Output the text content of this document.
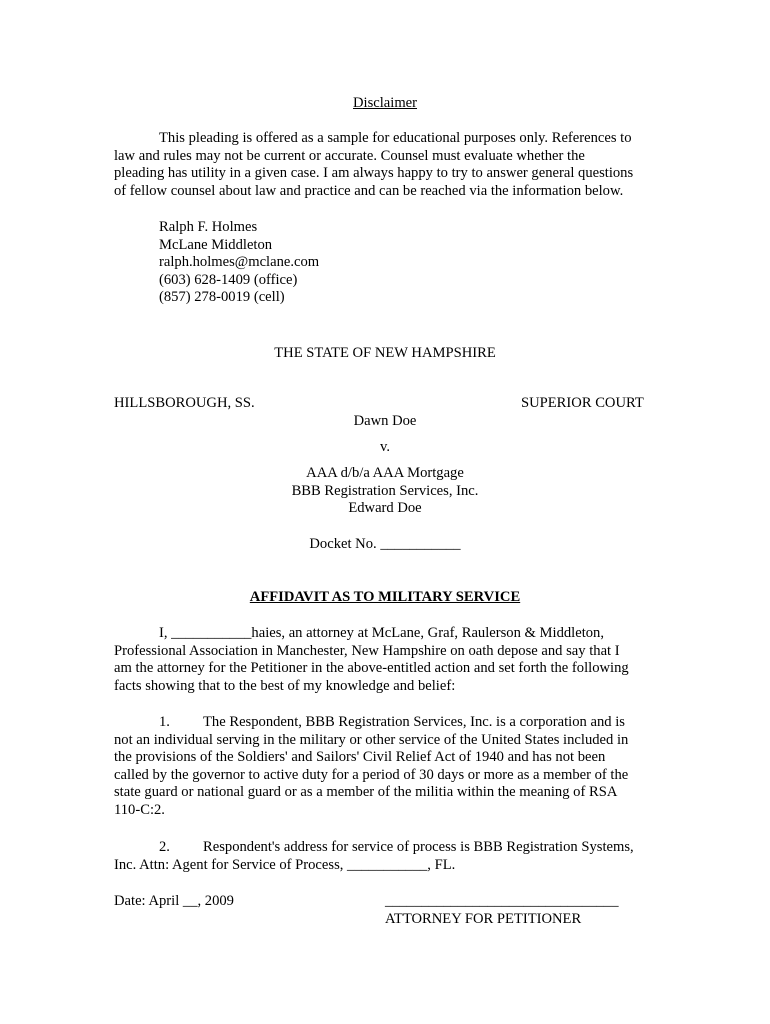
Disclaimer

This pleading is offered as a sample for educational purposes only. References to

law and rules may not be current or accurate. Counsel must evaluate whether the

pleading has utility in a given case. I am always happy to try to answer general questions

of fellow counsel about law and practice and can be reached via the information below.

Ralph F. Holmes
McLane Middleton
ralph.holmes@mclane.com
(603) 628-1409 (office)
(857) 278-0019 (cell)
THE STATE OF NEW HAMPSHIRE
HILLSBOROUGH, SS.	SUPERIOR COURT
Dawn Doe
v.
AAA d/b/a AAA Mortgage
BBB Registration Services, Inc.
Edward Doe
Docket No. ___________
AFFIDAVIT AS TO MILITARY SERVICE

I, ___________haies, an attorney at McLane, Graf, Raulerson & Middleton,

Professional Association in Manchester, New Hampshire on oath depose and say that I

am the attorney for the Petitioner in the above-entitled action and set forth the following

facts showing that to the best of my knowledge and belief:

1. The Respondent, BBB Registration Services, Inc. is a corporation and is

not an individual serving in the military or other service of the United States included in

the provisions of the Soldiers' and Sailors' Civil Relief Act of 1940 and has not been

called by the governor to active duty for a period of 30 days or more as a member of the

state guard or national guard or as a member of the militia within the meaning of RSA

110-C:2.

2. Respondent's address for service of process is BBB Registration Systems,

Inc. Attn: Agent for Service of Process, ___________, FL.

Date: April __, 2009	________________________________
ATTORNEY FOR PETITIONER
